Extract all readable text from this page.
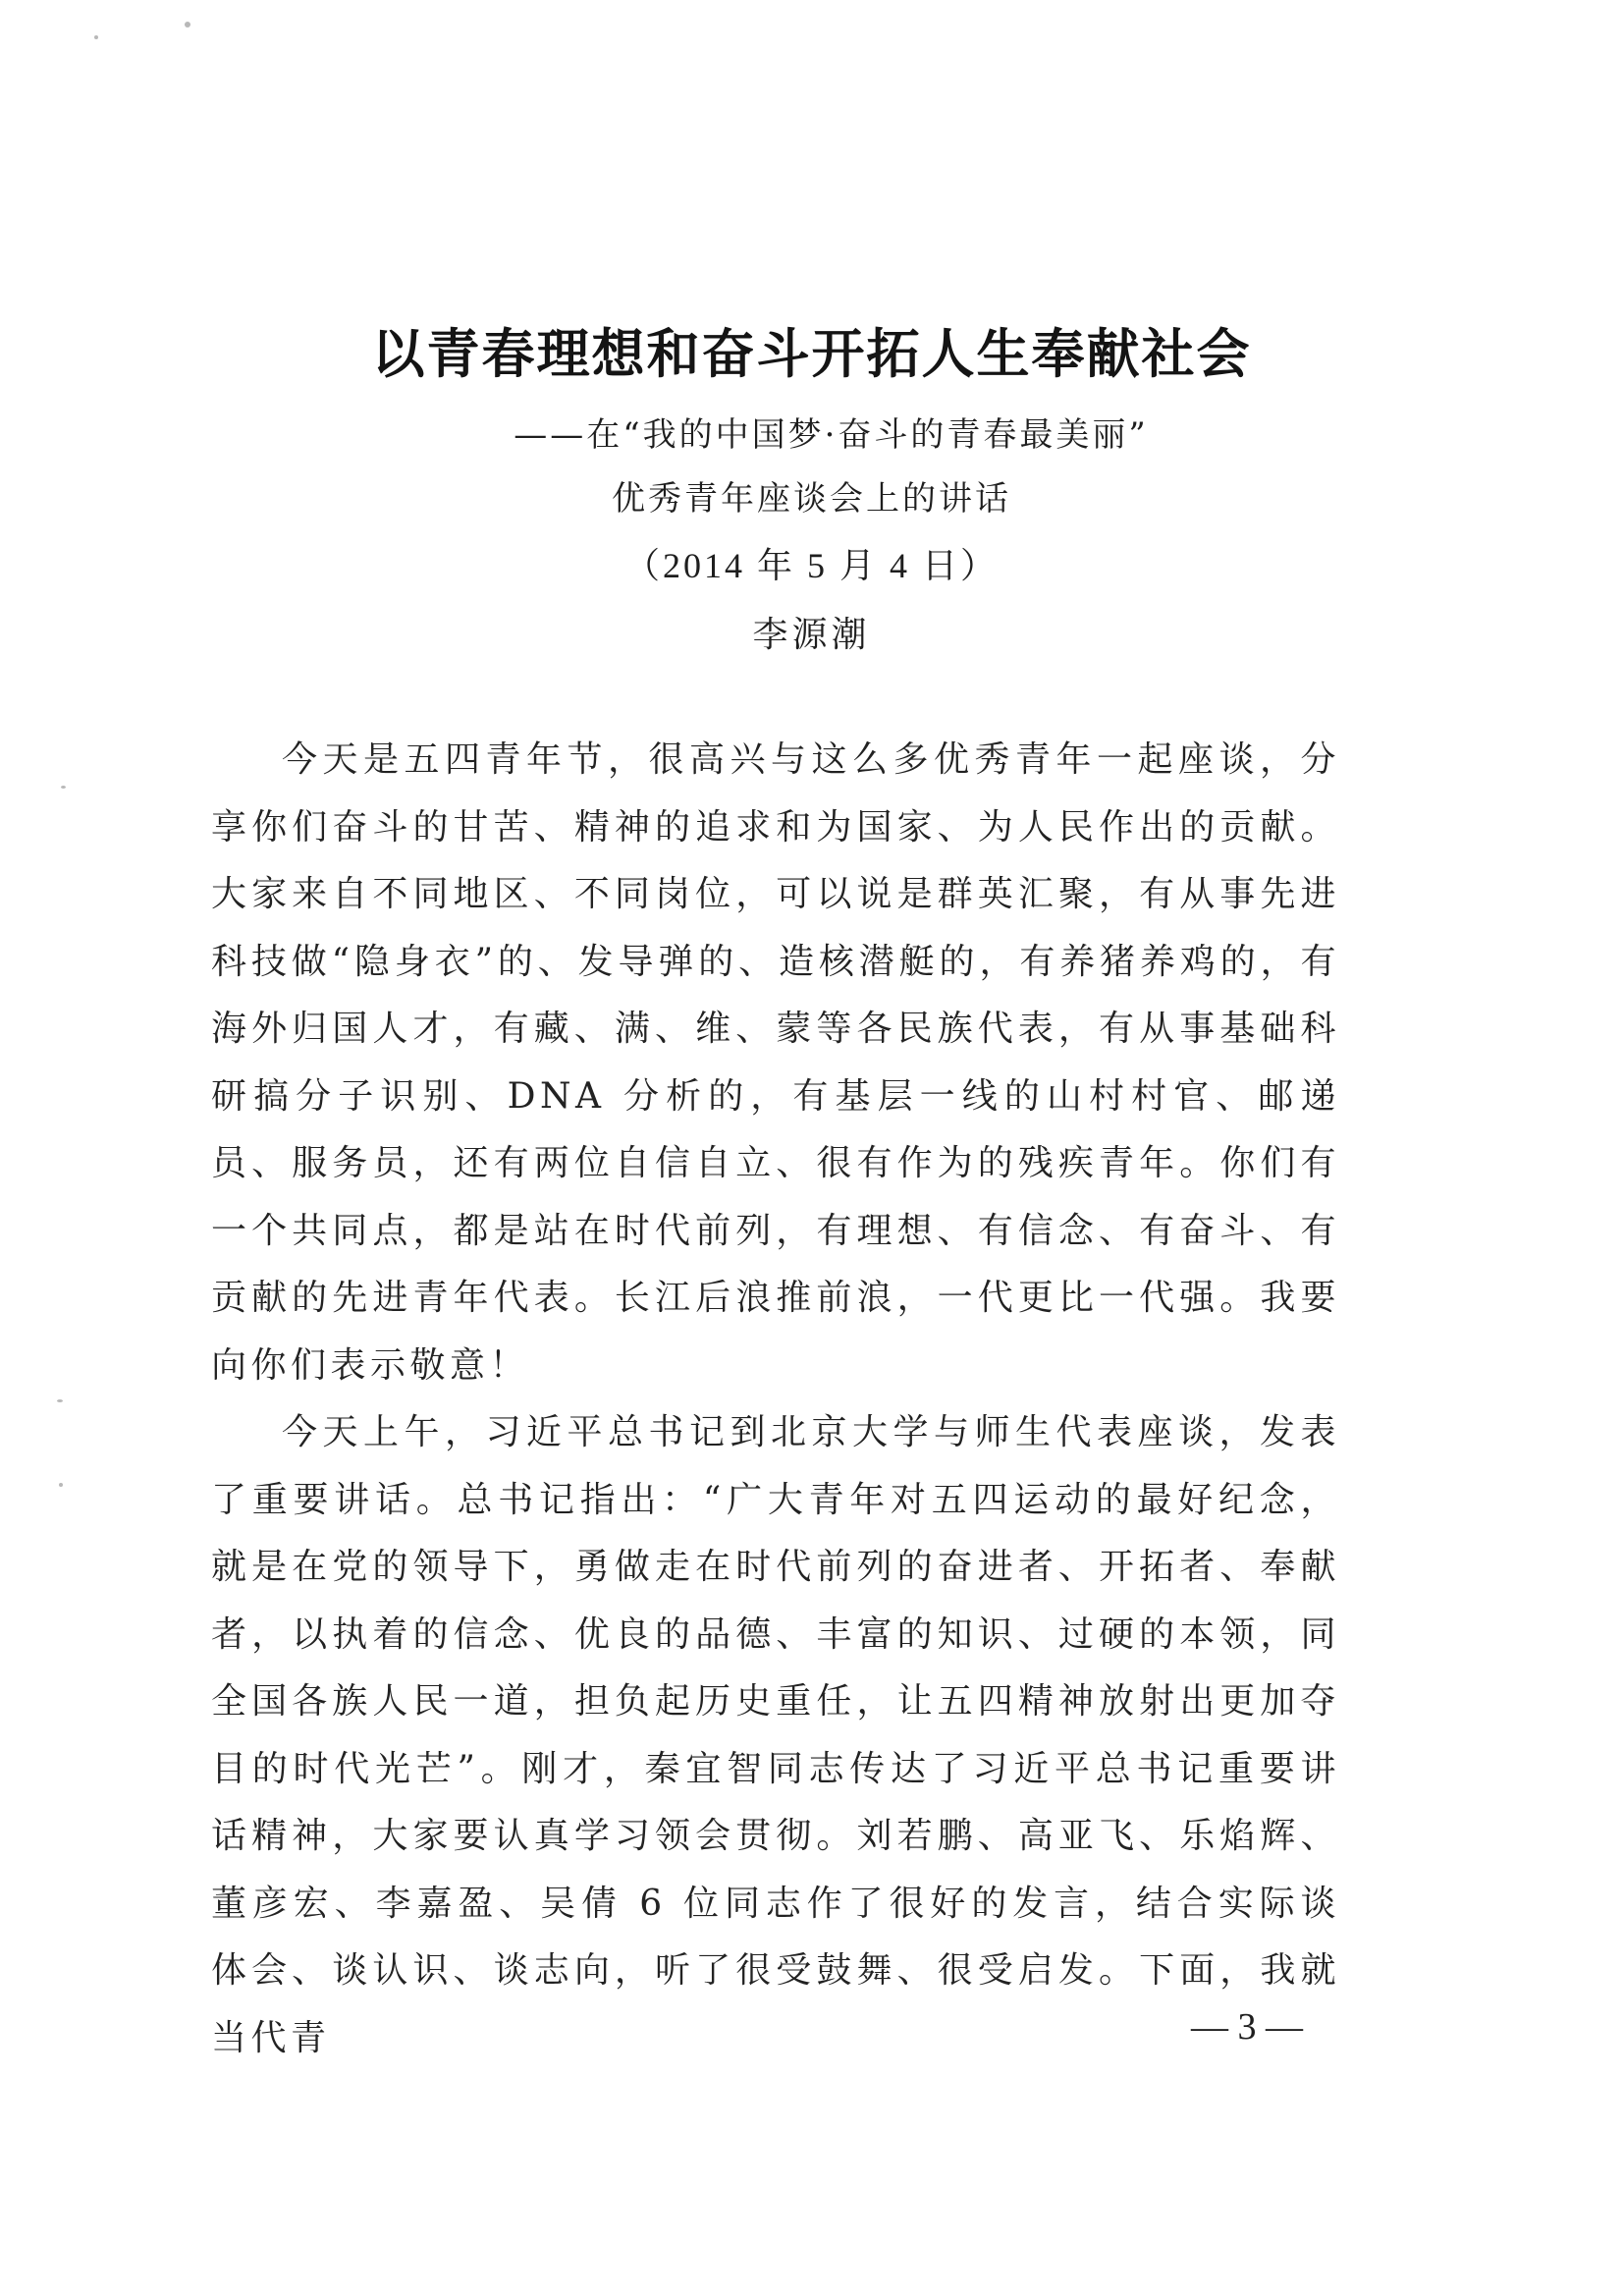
以青春理想和奋斗开拓人生奉献社会
——在“我的中国梦·奋斗的青春最美丽”
优秀青年座谈会上的讲话
（2014 年 5 月 4 日）
李源潮

今天是五四青年节，很高兴与这么多优秀青年一起座谈，分享你们奋斗的甘苦、精神的追求和为国家、为人民作出的贡献。大家来自不同地区、不同岗位，可以说是群英汇聚，有从事先进科技做“隐身衣”的、发导弹的、造核潜艇的，有养猪养鸡的，有海外归国人才，有藏、满、维、蒙等各民族代表，有从事基础科研搞分子识别、DNA 分析的，有基层一线的山村村官、邮递员、服务员，还有两位自信自立、很有作为的残疾青年。你们有一个共同点，都是站在时代前列，有理想、有信念、有奋斗、有贡献的先进青年代表。长江后浪推前浪，一代更比一代强。我要向你们表示敬意！

今天上午，习近平总书记到北京大学与师生代表座谈，发表了重要讲话。总书记指出：“广大青年对五四运动的最好纪念，就是在党的领导下，勇做走在时代前列的奋进者、开拓者、奉献者，以执着的信念、优良的品德、丰富的知识、过硬的本领，同全国各族人民一道，担负起历史重任，让五四精神放射出更加夺目的时代光芒”。刚才，秦宜智同志传达了习近平总书记重要讲话精神，大家要认真学习领会贯彻。刘若鹏、高亚飞、乐焰辉、董彦宏、李嘉盈、吴倩 6 位同志作了很好的发言，结合实际谈体会、谈认识、谈志向，听了很受鼓舞、很受启发。下面，我就当代青	— 3 —
